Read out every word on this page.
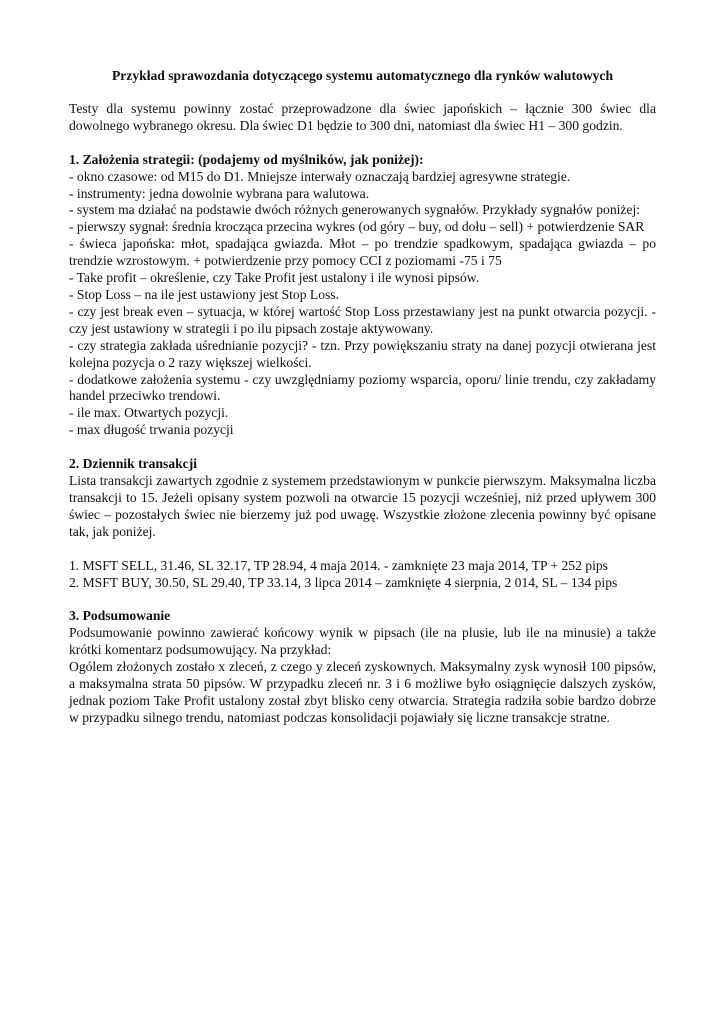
Przykład sprawozdania dotyczącego systemu automatycznego dla rynków walutowych

Testy dla systemu powinny zostać przeprowadzone dla świec japońskich – łącznie 300 świec dla dowolnego wybranego okresu. Dla świec D1 będzie to 300 dni, natomiast dla świec H1 – 300 godzin.

1. Założenia strategii: (podajemy od myślników, jak poniżej):

- okno czasowe: od M15 do D1. Mniejsze interwały oznaczają bardziej agresywne strategie.
- instrumenty: jedna dowolnie wybrana para walutowa.
- system ma działać na podstawie dwóch różnych generowanych sygnałów. Przykłady sygnałów poniżej:
- pierwszy sygnał: średnia krocząca przecina wykres (od góry – buy, od dołu – sell) + potwierdzenie SAR
- świeca japońska: młot, spadająca gwiazda. Młot – po trendzie spadkowym, spadająca gwiazda – po trendzie wzrostowym. + potwierdzenie przy pomocy CCI z poziomami -75 i 75
- Take profit – określenie, czy Take Profit jest ustalony i ile wynosi pipsów.
- Stop Loss – na ile jest ustawiony jest Stop Loss.
- czy jest break even – sytuacja, w której wartość Stop Loss przestawiany jest na punkt otwarcia pozycji. - czy jest ustawiony w strategii i po ilu pipsach zostaje aktywowany.
- czy strategia zakłada uśrednianie pozycji? - tzn. Przy powiększaniu straty na danej pozycji otwierana jest kolejna pozycja o 2 razy większej wielkości.
- dodatkowe założenia systemu - czy uwzględniamy poziomy wsparcia, oporu/ linie trendu, czy zakładamy handel przeciwko trendowi.
- ile max. Otwartych pozycji.
- max długość trwania pozycji

2. Dziennik transakcji

Lista transakcji zawartych zgodnie z systemem przedstawionym w punkcie pierwszym. Maksymalna liczba transakcji to 15. Jeżeli opisany system pozwoli na otwarcie 15 pozycji wcześniej, niż przed upływem 300 świec – pozostałych świec nie bierzemy już pod uwagę. Wszystkie złożone zlecenia powinny być opisane tak, jak poniżej.

1. MSFT SELL, 31.46, SL 32.17, TP 28.94, 4 maja 2014. - zamknięte 23 maja 2014, TP + 252 pips
2. MSFT BUY, 30.50, SL 29.40, TP 33.14, 3 lipca 2014 – zamknięte 4 sierpnia, 2 014, SL – 134 pips

3. Podsumowanie

Podsumowanie powinno zawierać końcowy wynik w pipsach (ile na plusie, lub ile na minusie) a także krótki komentarz podsumowujący. Na przykład:

Ogólem złożonych zostało x zleceń, z czego y zleceń zyskownych. Maksymalny zysk wynosił 100 pipsów, a maksymalna strata 50 pipsów. W przypadku zleceń nr. 3 i 6 możliwe było osiągnięcie dalszych zysków, jednak poziom Take Profit ustalony został zbyt blisko ceny otwarcia. Strategia radziła sobie bardzo dobrze w przypadku silnego trendu, natomiast podczas konsolidacji pojawiały się liczne transakcje stratne.
